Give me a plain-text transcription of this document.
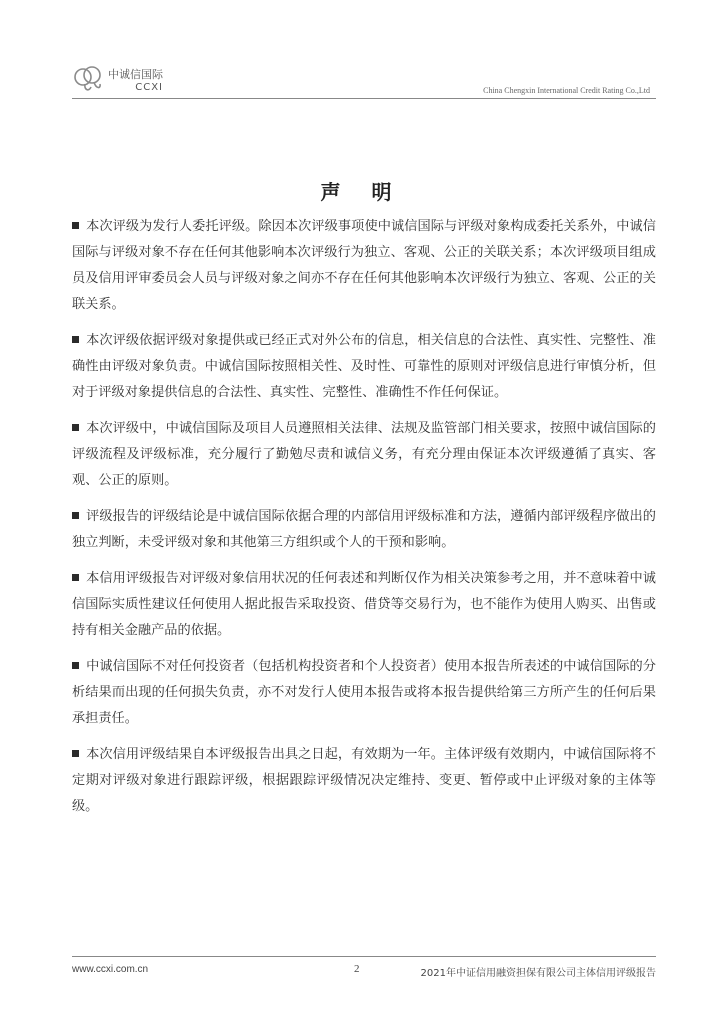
中诚信国际
CCXI	China Chengxin International Credit Rating Co.,Ltd
声 明

本次评级为发行人委托评级。除因本次评级事项使中诚信国际与评级对象构成委托关系外，中诚信国际与评级对象不存在任何其他影响本次评级行为独立、客观、公正的关联关系；本次评级项目组成员及信用评审委员会人员与评级对象之间亦不存在任何其他影响本次评级行为独立、客观、公正的关联关系。

本次评级依据评级对象提供或已经正式对外公布的信息，相关信息的合法性、真实性、完整性、准确性由评级对象负责。中诚信国际按照相关性、及时性、可靠性的原则对评级信息进行审慎分析，但对于评级对象提供信息的合法性、真实性、完整性、准确性不作任何保证。

本次评级中，中诚信国际及项目人员遵照相关法律、法规及监管部门相关要求，按照中诚信国际的评级流程及评级标准，充分履行了勤勉尽责和诚信义务，有充分理由保证本次评级遵循了真实、客观、公正的原则。

评级报告的评级结论是中诚信国际依据合理的内部信用评级标准和方法，遵循内部评级程序做出的独立判断，未受评级对象和其他第三方组织或个人的干预和影响。

本信用评级报告对评级对象信用状况的任何表述和判断仅作为相关决策参考之用，并不意味着中诚信国际实质性建议任何使用人据此报告采取投资、借贷等交易行为，也不能作为使用人购买、出售或持有相关金融产品的依据。

中诚信国际不对任何投资者（包括机构投资者和个人投资者）使用本报告所表述的中诚信国际的分析结果而出现的任何损失负责，亦不对发行人使用本报告或将本报告提供给第三方所产生的任何后果承担责任。

本次信用评级结果自本评级报告出具之日起，有效期为一年。主体评级有效期内，中诚信国际将不定期对评级对象进行跟踪评级，根据跟踪评级情况决定维持、变更、暂停或中止评级对象的主体等级。

www.ccxi.com.cn	2	2021年中证信用融资担保有限公司主体信用评级报告
